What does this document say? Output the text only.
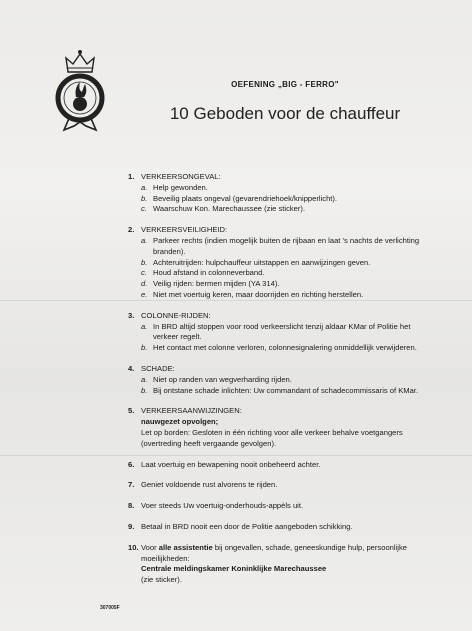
OEFENING „BIG - FERRO"
10 Geboden voor de chauffeur
1. VERKEERSONGEVAL:
a. Help gewonden.
b. Beveilig plaats ongeval (gevarendriehoek/knipperlicht).
c. Waarschuw Kon. Marechaussee (zie sticker).
2. VERKEERSVEILIGHEID:
a. Parkeer rechts (indien mogelijk buiten de rijbaan en laat 's nachts de verlichting branden).
b. Achteruitrijden: hulpchauffeur uitstappen en aanwijzingen geven.
c. Houd afstand in colonneverband.
d. Veilig rijden: bermen mijden (YA 314).
e. Niet met voertuig keren, maar doorrijden en richting herstellen.
3. COLONNE-RIJDEN:
a. In BRD altijd stoppen voor rood verkeerslicht tenzij aldaar KMar of Politie het verkeer regelt.
b. Het contact met colonne verloren, colonnesignalering onmiddellijk verwijderen.
4. SCHADE:
a. Niet op randen van wegverharding rijden.
b. Bij ontstane schade inlichten: Uw commandant of schadecommissaris of KMar.
5. VERKEERSAANWIJZINGEN:
nauwgezet opvolgen;
Let op borden: Gesloten in één richting voor alle verkeer behalve voetgangers (overtreding heeft vergaande gevolgen).
6. Laat voertuig en bewapening nooit onbeheerd achter.
7. Geniet voldoende rust alvorens te rijden.
8. Voer steeds Uw voertuig-onderhouds-appèls uit.
9. Betaal in BRD nooit een door de Politie aangeboden schikking.
10. Voor alle assistentie bij ongevallen, schade, geneeskundige hulp, persoonlijke moeilijkheden:
Centrale meldingskamer Koninklijke Marechaussee
(zie sticker).
307005F
